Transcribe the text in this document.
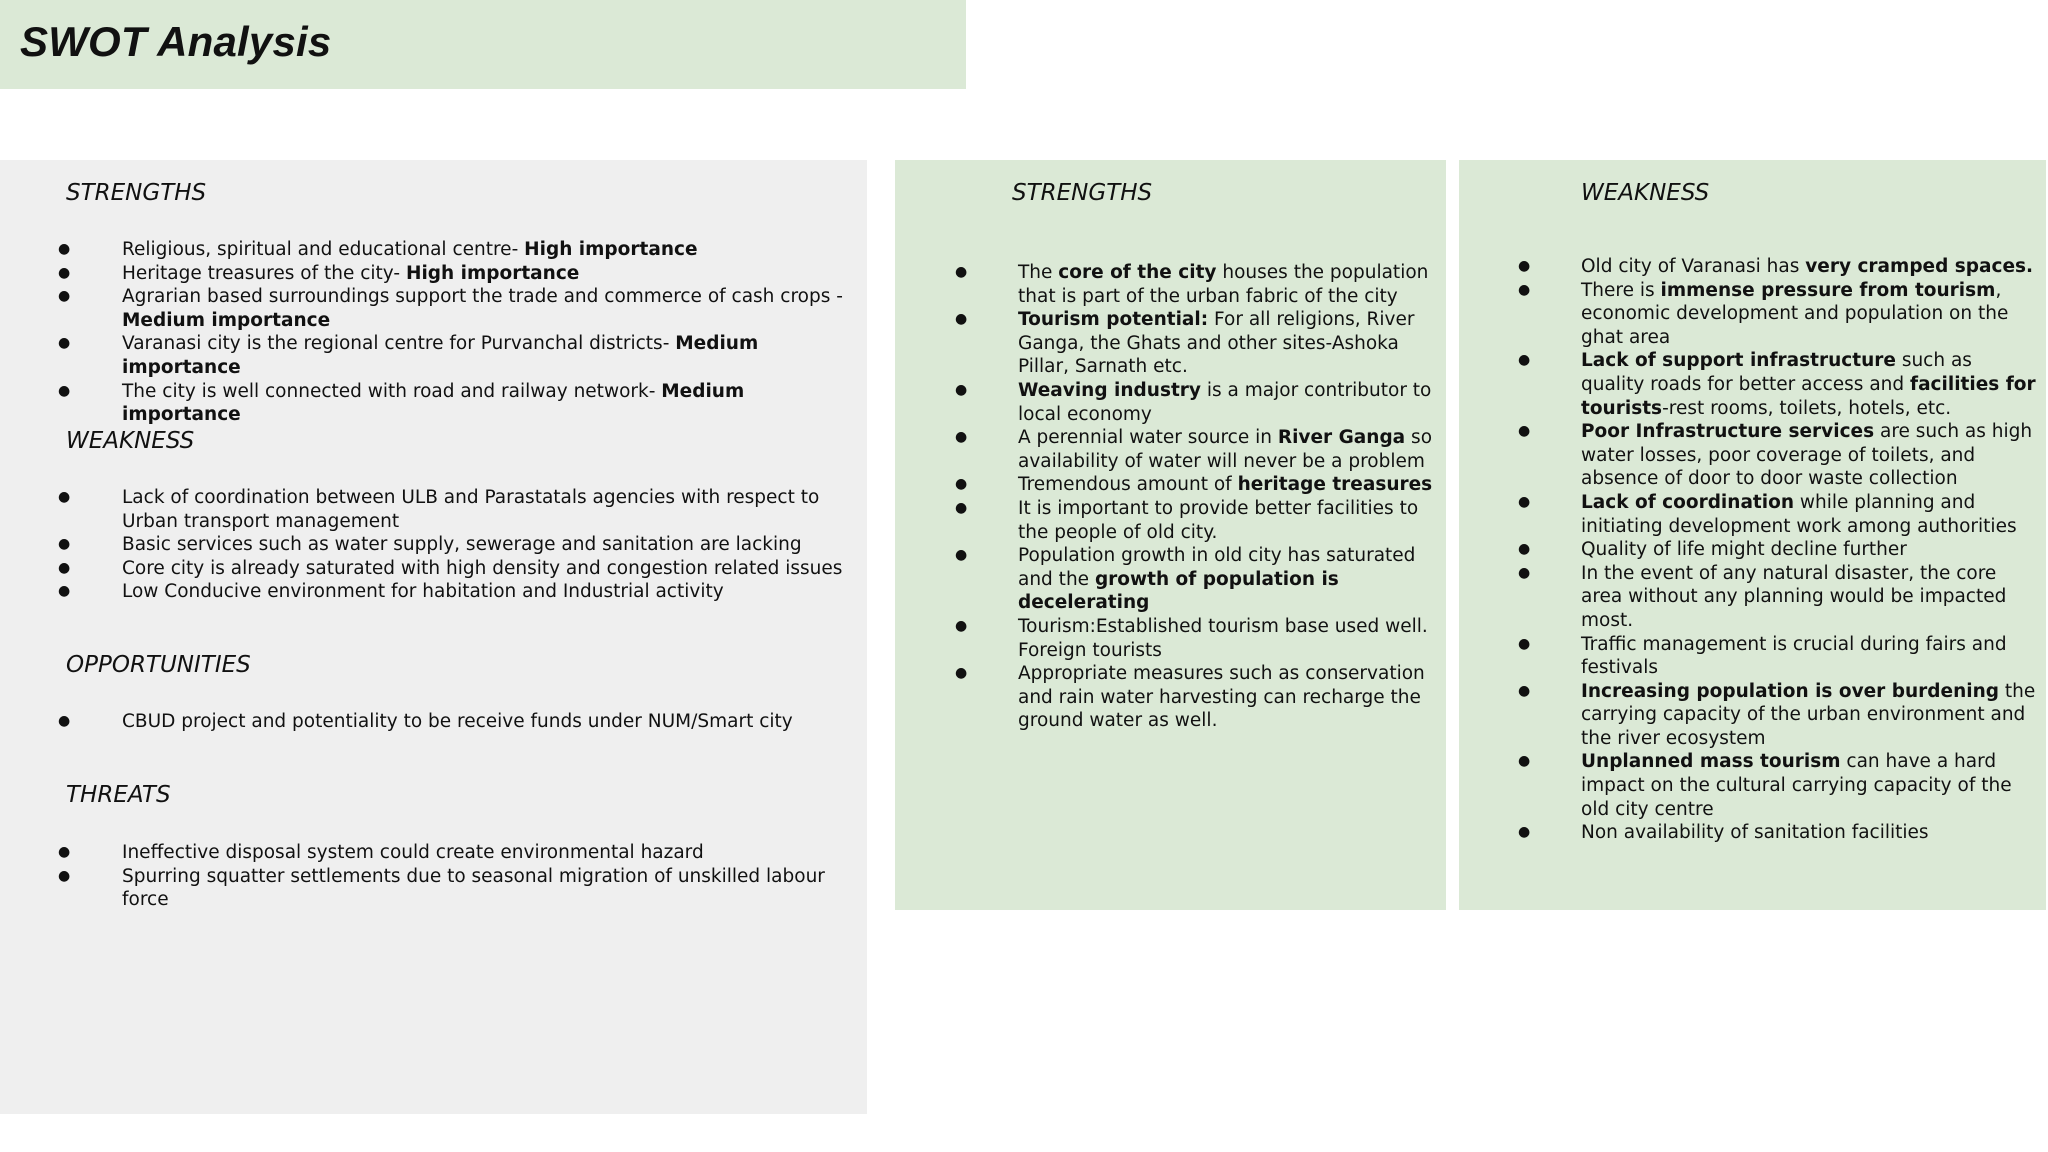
SWOT Analysis
STRENGTHS
● Religious, spiritual and educational centre- High importance
● Heritage treasures of the city- High importance
● Agrarian based surroundings support the trade and commerce of cash crops -Medium importance
● Varanasi city is the regional centre for Purvanchal districts- Medium importance
● The city is well connected with road and railway network- Medium importance
WEAKNESS
● Lack of coordination between ULB and Parastatals agencies with respect to Urban transport management
● Basic services such as water supply, sewerage and sanitation are lacking
● Core city is already saturated with high density and congestion related issues
● Low Conducive environment for habitation and Industrial activity
OPPORTUNITIES
● CBUD project and potentiality to be receive funds under NUM/Smart city
THREATS
● Ineffective disposal system could create environmental hazard
● Spurring squatter settlements due to seasonal migration of unskilled labour force
STRENGTHS
● The core of the city houses the population that is part of the urban fabric of the city
● Tourism potential: For all religions, River Ganga, the Ghats and other sites-Ashoka Pillar, Sarnath etc.
● Weaving industry is a major contributor to local economy
● A perennial water source in River Ganga so availability of water will never be a problem
● Tremendous amount of heritage treasures
● It is important to provide better facilities to the people of old city.
● Population growth in old city has saturated and the growth of population is decelerating
● Tourism:Established tourism base used well. Foreign tourists
● Appropriate measures such as conservation and rain water harvesting can recharge the ground water as well.
WEAKNESS
● Old city of Varanasi has very cramped spaces.
● There is immense pressure from tourism, economic development and population on the ghat area
● Lack of support infrastructure such as quality roads for better access and facilities for tourists-rest rooms, toilets, hotels, etc.
● Poor Infrastructure services are such as high water losses, poor coverage of toilets, and absence of door to door waste collection
● Lack of coordination while planning and initiating development work among authorities
● Quality of life might decline further
● In the event of any natural disaster, the core area without any planning would be impacted most.
● Traffic management is crucial during fairs and festivals
● Increasing population is over burdening the carrying capacity of the urban environment and the river ecosystem
● Unplanned mass tourism can have a hard impact on the cultural carrying capacity of the old city centre
● Non availability of sanitation facilities
